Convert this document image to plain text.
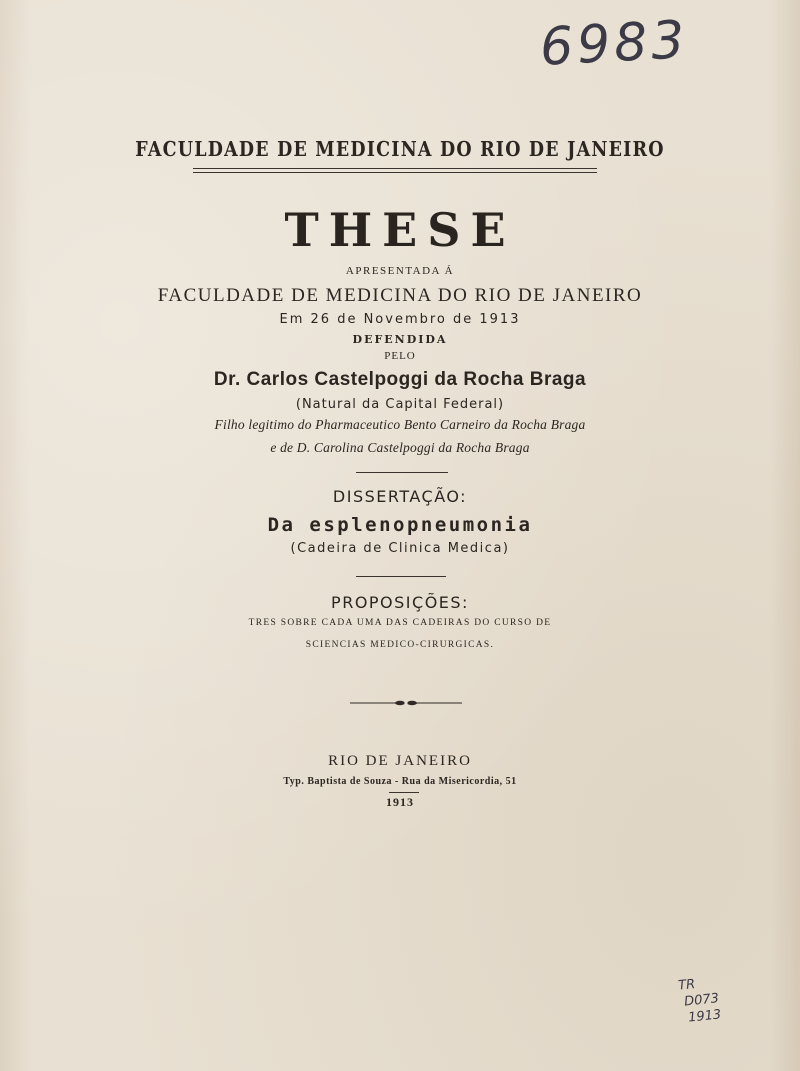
6983
FACULDADE DE MEDICINA DO RIO DE JANEIRO
THESE
APRESENTADA Á
FACULDADE DE MEDICINA DO RIO DE JANEIRO
Em 26 de Novembro de 1913
DEFENDIDA
PELO
Dr. Carlos Castelpoggi da Rocha Braga
(Natural da Capital Federal)
Filho legitimo do Pharmaceutico Bento Carneiro da Rocha Braga
e de D. Carolina Castelpoggi da Rocha Braga
DISSERTAÇÃO:
Da esplenopneumonia
(Cadeira de Clinica Medica)
PROPOSIÇÕES:
TRES SOBRE CADA UMA DAS CADEIRAS DO CURSO DE
SCIENCIAS MEDICO-CIRURGICAS.
RIO DE JANEIRO
Typ. Baptista de Souza - Rua da Misericordia, 51
1913
TR
D073
1913
